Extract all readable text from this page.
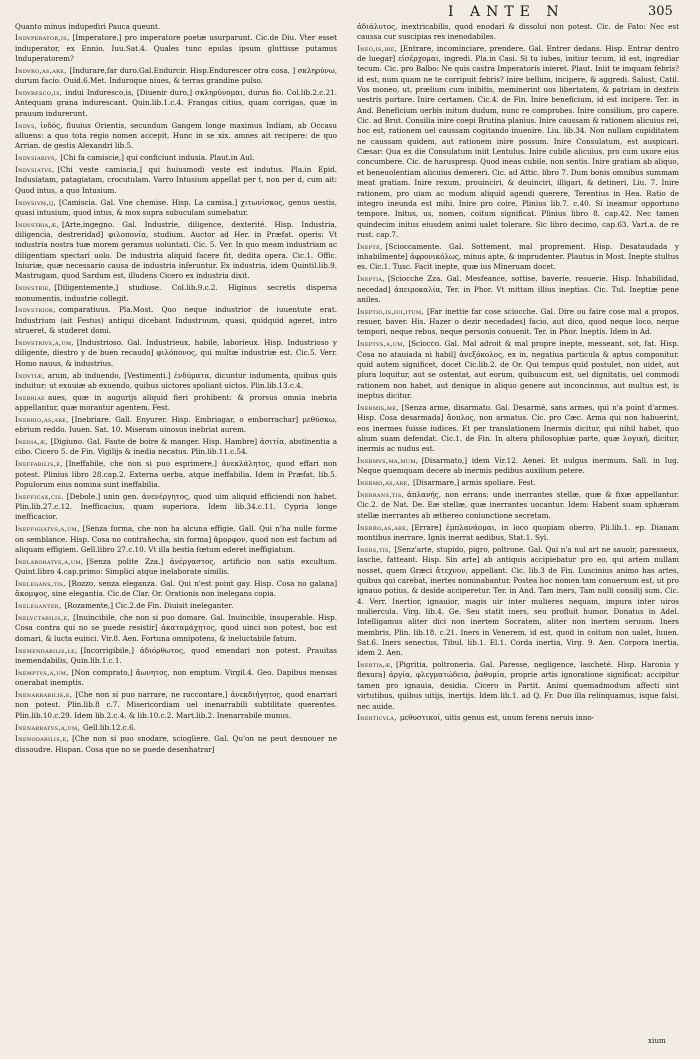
I ANTE N	305
Quanto minus indupediri Pauca queunt.

Indvperator,is, [Imperatore,] pro imperatore poetæ usurparunt. Cic.de Diu. Vter esset induperator, ex Ennio. Iuu.Sat.4. Quales tunc epulas ipsum gluttisse putamus Induperatorem?

Indvro,as,are, [Indurare,far duro.Gal.Endurcir. Hisp.Endurescer otra cosa, ] σκληρύνω, durum facio. Ouid.6.Met. Induroque niues, & terras grandine pulso.

Indvresco,is, indui Induresco,is, [Diuenir duro,] σκληρύνομαι, durus fio. Col.lib.2.c.21. Antequam grana indurescant. Quin.lib.1.c.4. Frangas citius, quam corrigas, quæ in prauum indurerunt.

Indvs, ἰνδός, fluuius Orientis, secundum Gangem longe maximus Indiam, ab Occasu alluens: a quo tota regio nomen accepit, Hunc in se xix. amnes ait recipere: de quo Arrian. de gestis Alexandri lib.5.

Indvsiarivs, [Chi fa camiscie,] qui conficiunt indusia. Plaut.in Aul.

Indvsiatvs, [Chi veste camiscia,] qui huiusmodi veste est indutus. Pla.in Epid. Indusiatam, patagiatam, crocutulam. Varro Intusium appellat per t, non per d, cum ait: Quod intus, a quo Intusium.

Indvsivm,ij, [Camiscia. Gal. Vne chemise. Hisp. La camisa.] χιτωνίσκος, genus uestis, quasi intusium, quod intus, & mox supra subuculam sumebatur.

Indvstria,æ, [Arte,ingegno. Gal. Industrie, diligence, dexterité. Hisp. Industria, diligencia, destreridad] φιλοπονία, studium. Auctor ad Her. in Præfat. operis: Vt industria nostra tuæ morem geramus uoluntati. Cic. 5. Ver. In quo meam industriam ac diligentiam spectari uolo. De industria aliquid facere fit, dedita opera. Cic.1. Offic. Iniuriæ, quæ necessario causa de industria inferuntur. Ex industria, idem Quintil.lib.9. Mastrugam, quod Sardum est, illudens Cicero ex industria dixit.

Indvstrie, [Diligentemente,] studiose. Col.lib.9.c.2. Higinus secretis dispersa monumentis, industrie collegit.

Indvstrior, comparatiuus. Pla.Most. Quo neque industrior de iuuentute erat. Industrium (ait Festus) antiqui dicebant Industruum, quasi, quidquid ageret, intro strueret, & studeret domi.

Indvstrivs,a,um, [Industrioso. Gal. Industrieux, habile, laborieux. Hisp. Industrioso y diligente, diestro y de buen recaudo] φιλόπονος, qui multæ industriæ est. Cic.5. Verr. Homo nauus, & industrius.

Indvtiæ, arum, ab induendo, [Vestimenti.] ἐνδύματα, dicuntur indumenta, quibus quis induitur: ut exuuiæ ab exuendo, quibus uictores spoliant uictos. Plin.lib.13.c.4.

Inebriae aues, quæ in augurijs aliquid fieri prohibent: & prorsus omnia inebria appellantur, quæ morantur agentem. Fest.

Inebrio,as,are, [Inebriare. Gall. Enyurer. Hisp. Embriagar, o emborrachar] μεθύσκω, ebrium reddo. Iuuen. Sat. 10. Miseram uinosus inebriat aurem.

Inedia,æ, [Digiuno. Gal. Faute de boire & manger. Hisp. Hambre] ἀσιτία, abstinentia a cibo. Cicero 5. de Fin. Vigilijs & inedia necatus. Plin.lib.11.c.54.

Ineffabilis,e, [Ineffabile, che non si puo esprimere,] ἀνεκλάλητος, quod effari non potest. Plinius libro 28.cap.2. Externa uerba, atque ineffabilia. Idem in Præfat. lib.5. Populorum eius nomina sunt ineffabilia.

Inefficax,cis. [Debole.] unin gen. ἀνενέργητος, quod uim aliquid efficiendi non habet. Plin.lib.27.c.12. Inefficacius, quam superiora. Idem lib.34.c.11. Cypria longe inefficacior.

Ineffigiatvs,a,um, [Senza forma, che non ha alcuna effigie. Gall. Qui n'ha nulle forme on semblance. Hisp. Cosa no contrahecha, sin forma] ἀμορφον, quod non est factum ad aliquam effigiem. Gell.libro 27.c.10. Vt illa bestia fœtum ederet ineffigiatum.

Inelaboratvs,a,um, [Senza polite Zza.] ἀνέργαστος, artificio non satis excultum. Quint.libro 4.cap.primo: Simplici atque inelaborate similis.

Inelegans,tis, [Rozzo, senza eleganza. Gal. Qui n'est point gay. Hisp. Cosa no galana] ἄκομψος, sine elegantia. Cic.de Clar. Or. Orationis non inelegans copia.

Ineleganter, [Rozamente,] Cic.2.de Fin. Diuisit ineleganter.

Inelvctabilis,e, [Inuincibile, che non si puo domare. Gal. Inuincible, insuperable. Hisp. Cosa contra qui no se puede resistir] ἀκαταμάχητος, quod uinci non potest, hoc est domari, & lucta euinci. Vir.8. Aen. Fortuna omnipotens, & ineluctabile fatum.

Inemendabilis,le, [Incorrigibile,] ἀδιόρθωτος, quod emendari non potest. Prauitas inemendabilis, Quin.lib.1.c.1.

Inemptvs,a,um, [Non comprato,] ἄωνητος, non emptum. Virgil.4. Geo. Dapibus mensas onerabat inemptis.

Inenarrabilis,e, [Che non si puo narrare, ne raccontare,] ἀνεκδιήγητος, quod enarrari non potest. Plin.lib.8 c.7. Misericordiam uel inenarrabili subtilitate querentes. Plin.lib.10.c.29. Idem lib.2.c.4. & lib.10.c.2. Mart.lib.2. Inenarrabile munus.

Inenarratvs,a,um, Gell.lib.12.c.6.

Inenodabilis,e, [Che non si puo snodare, sciogliere. Gal. Qu'on ne peut desnouer ne dissoudre. Hispan. Cosa que no se puede desenhatrar]

ἀδιάλυτος, inextricabilis, quod enodari & dissolui non potest. Cic. de Fato: Nec est caussa cur suscipias res inenodabiles.

Ineo,is,ire, [Entrare, incominciare, prendere. Gal. Entrer dedans. Hisp. Entrar dentro de luegar] εἰσέρχομαι, ingredi. Pla.in Casi. Si tu iubes, initiur tecum, id est, ingrediar tecum. Cic. pro Balbo: Ne quis castra Imperatoris inieret. Plaut. Iniit te imquam febris? id est, num quam ne te corripuit febris? inire bellum, incipere, & aggredi. Salust. Catil. Vos moneo, ut, prælium cum inibitis, meminerint uos libertatem, & patriam in dextris uestris portare. Inire certamen. Cic.4. de Fin. Inire beneficium, id est incipere. Ter. in And. Beneficium uerbis initum dudum, nunc re comprobes. Inire consilium, pro capere. Cic. ad Brut. Consilia inire coepi Brutina planius. Inire caussam & rationem alicuius rei, hoc est, rationem uel caussam cogitando inuenire. Liu. lib.34. Non nullam cupiditatem ne caussam quidem, aut rationem inire possum. Inire Consulatum, est auspicari. Cæsar: Qua ex die Consulatum iniit Lentulus. Inire cubile alicuius, pro cum uxore eius concumbere. Cic. de haruspresp. Quod ineas cubile, non sentis. Inire gratiam ab aliquo, et beneuolentiam alicuius demereri. Cic. ad Attic. libro 7. Dum bonis omnibus summam ineat gratiam. Inire rexum, prouinciri, & deuinciri, illigari, & detineri, Liu. 7. Inire rationem, pro uiam ac modum aliquid agendi querere, Terentius in Hea. Ratio de integro ineunda est mihi. Inire pro coire, Plinius lib.7. c.40. Si ineamur opportuno tempore. Initus, us, nomen, coitum significat. Plinius libro 8. cap.42. Nec tamen quindecim initus eiusdem animi ualet tolerare. Sic libro decimo, cap.63. Vart.a. de re rust. cap.7.

Inepte, [Scioccamente. Gal. Sottement, mal proprement. Hisp. Desataudada y inhabilmente] ἀφρονικόλως, minus apte, & imprudenter. Plautus in Most. Inepte stultus es. Cic.1. Tusc. Facit inepte, quæ ius Mineruam docet.

Ineptia, [Sciocche Zza. Gal. Mesfeance, sottise, baverie, resuerie. Hisp. Inhabilidad, necedad] ἀπειροκαλία, Ter. in Phor. Vt mittam illius ineptias. Cic. Tul. Ineptiæ pene aniles.

Ineptio,is,iui,itum, [Far inettie far cose sciocche. Gal. Dire ou faire cose mal a propos, resuer, baver. His. Hazer o dezir necedades] facio, aut dico, quod neque loco, neque tempori, neque rebus, neque personis conuenit. Ter. in Phor. Ineptis. Idem in Ad.

Ineptvs,a,um, [Sciocco. Gal. Mal adroit & mal propre inepte, messeant, sot, fat. Hisp. Cosa no atauiada ni habil] ἀνεξόκολος, ex in, negatiua particula & aptus componitur. quid autem significet, docet Cic.lib.2. de Or. Qui tempus quid postulet, non uidet, aut plura loquitur, aut se ostentat, aut eorum, quibuscum est, uel dignitatis, uel commodi rationem non habet, aut denique in aliquo genere aut inconcinnus, aut multus est, is ineptus dicitur.

Inermis,me, [Senza arme, disarmato. Gal. Desarmé, sans armes, qui n'a point d'armes. Hisp. Cosa desarmada] ἄοπλος, non armatus. Cic. pro Cæc. Arma qui non habuerint, eos inermes fuisse iudices. Et per translationem Inermis dicitur, qui nihil habet, quo alium suam defendat. Cic.1. de Fin. In altera philosophiæ parte, quæ λογική, dicitur, inermis ac nudus est.

Inermvs,ma,mum, [Disarmato,] idem Vir.12. Aenei. Et uulgus inermum. Sall. in Iug. Neque quemquam decere ab inermis pedibus auxilium petere.

Inermo,as,are, [Disarmare,] armis spoliare. Fest.

Inerrans,tis, ἀπλανής, non errans: unde inerrantes stellæ, quæ & fixæ appellantur. Cic.2. de Nat. De. Eæ stellæ, quæ inerrantes uocantur. Idem: Habent suam sphæram stellæ inerrantes ab æthereo coniunctione secretam.

Inerro,as,are, [Errare] ἐμπλανάομαι, in loco quopiam oberro. Pli.lib.1. ep. Dianam montibus inerrare. Ignis inerrat aedibus, Stat.1. Syl.

Iners,tis, [Senz'arte, stupido, pigro, poltrone. Gal. Qui n'a nul art ne sauoir, paresseux, lasche, fatteant. Hisp. Sin arte] ab antiquis accipiebatur pro eo, qui artem nullam nosset, quem Græci ἄτεχνον, appellant. Cic. lib.3 de Fin. Luscinius animo has artes, quibus qui carebat, inertes nominabantur. Postea hoc nomen tam conuersum est, ut pro ignauo potius, & deside acciperetur. Ter. in And. Tam iners, Tam nulli consilij sum. Cic. 4. Verr. Inertior, ignauior, magis uir inter mulieres nequam, impura inter uiros muliercula. Virg. lib.4. Ge. Seu statit iners, seu profluit humor. Donatus in Adel. Intelligamus aliter dici non inertem Socratem, aliter non inertem seruum. Iners membris, Plin. lib.18. c.21. Iners in Venerem, id est, quod in coitum non ualet, Iuuen. Sat.6. Iners senectus, Tibul. lib.1. El.1. Corda inertia, Virg. 9. Aen. Corpora inertia, idem 2. Aen.

Inertia,æ, [Pigritia, poltroneria. Gal. Paresse, negligence, lascheté. Hisp. Haronia y flexura] ἀργία, φλεγματώδεια, ῥαθυμία, proprie artis ignoratione significat: accipitur tamen pro ignauia, desidia. Cicero in Partit. Animi quemadmodum affecti sint virtutibus, quibus uitijs, inertijs. Idem lib.1. ad Q. Fr. Duo illa relinquamus, isque falsi, nec auide.

Inerticvla, μεθυστικοί, uitis genus est, unum ferens neruis inno-

xium
